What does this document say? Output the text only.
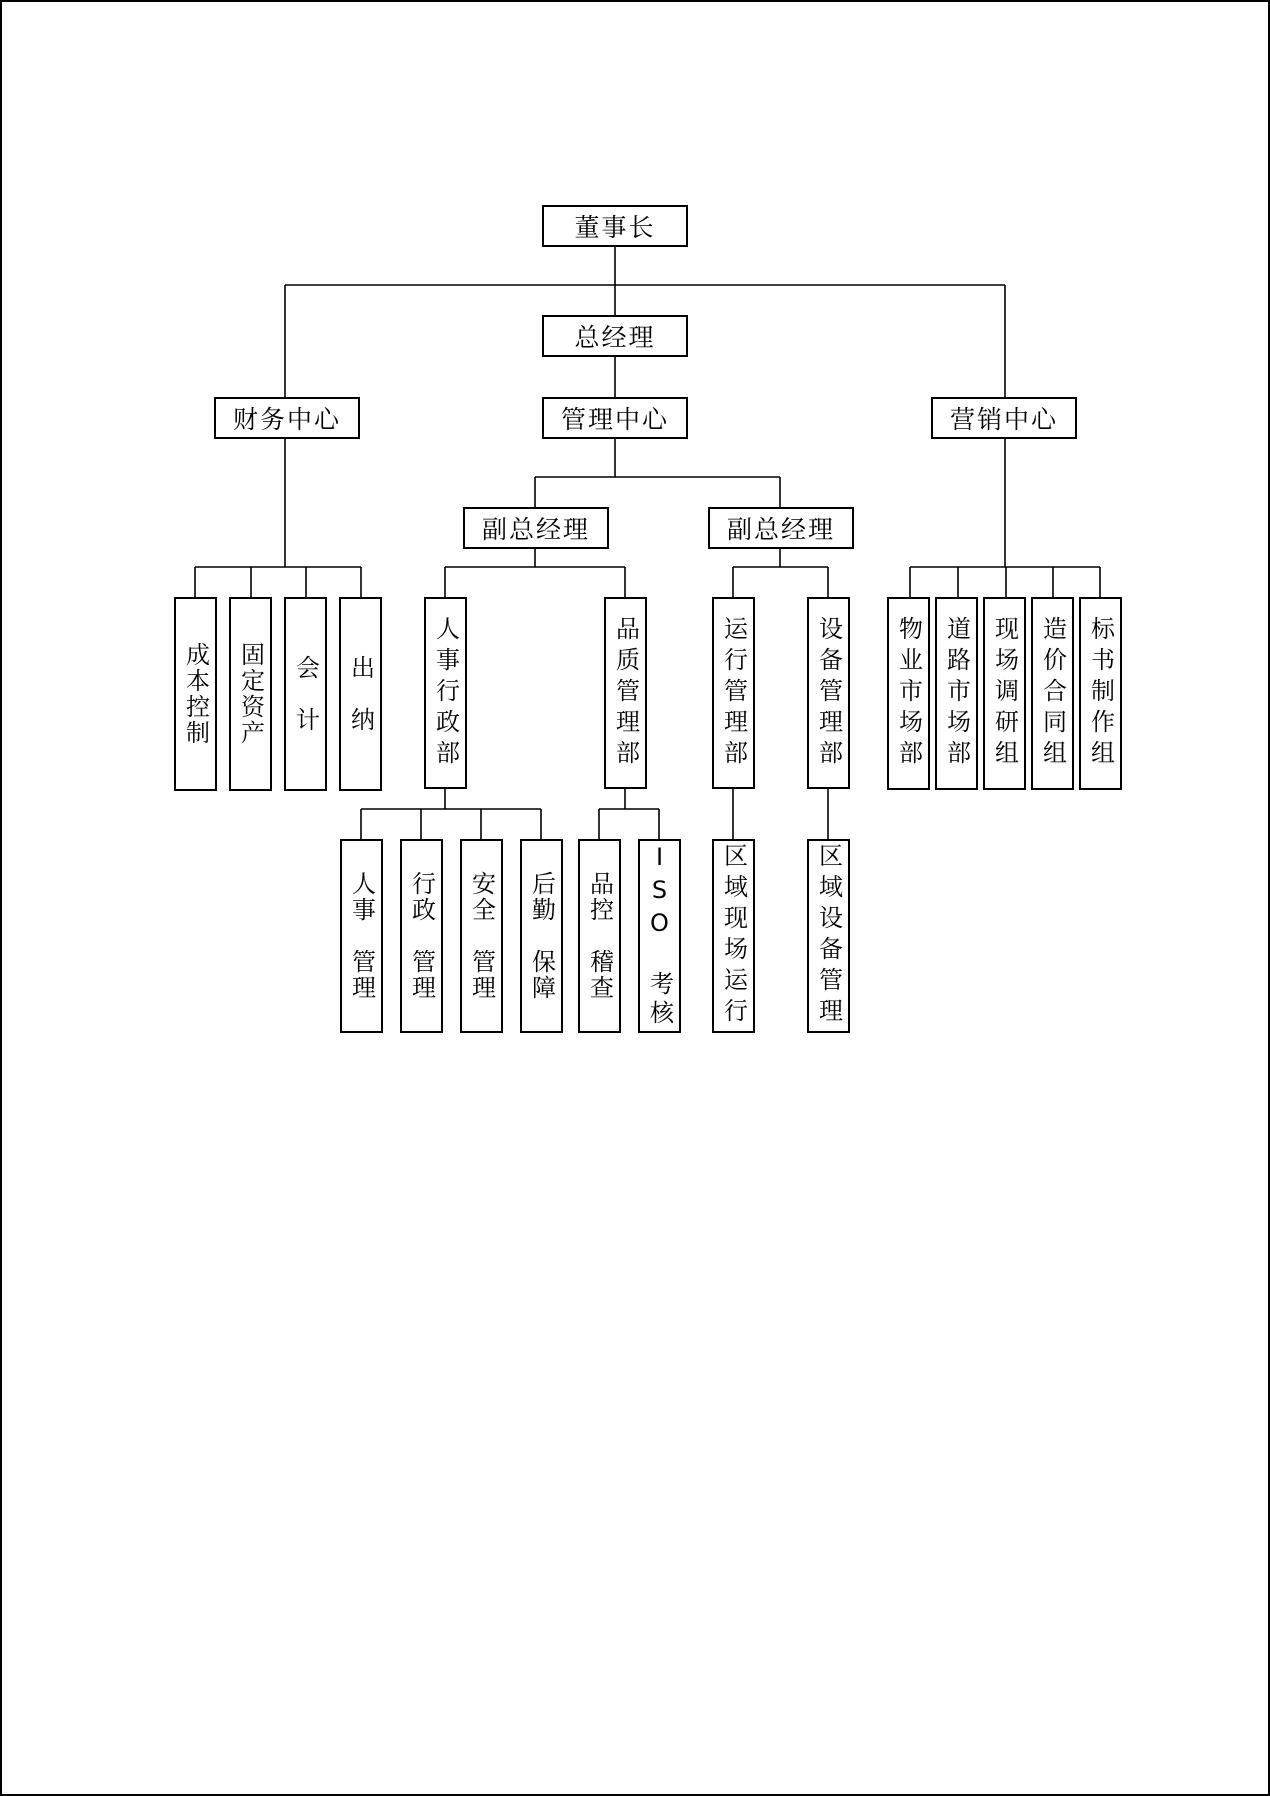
董事长
总经理
财务中心	管理中心	营销中心
副总经理	副总经理
成本控制	固定资产	会　计	出　纳	人事行政部	品质管理部	运行管理部	设备管理部
人事　管理	行政　管理	安全　管理	后勤　保障	品控　稽查	ISO　考核	区域现场运行	区域设备管理
物业市场部 道路市场部 现场调研组 造价合同组 标书制作组
